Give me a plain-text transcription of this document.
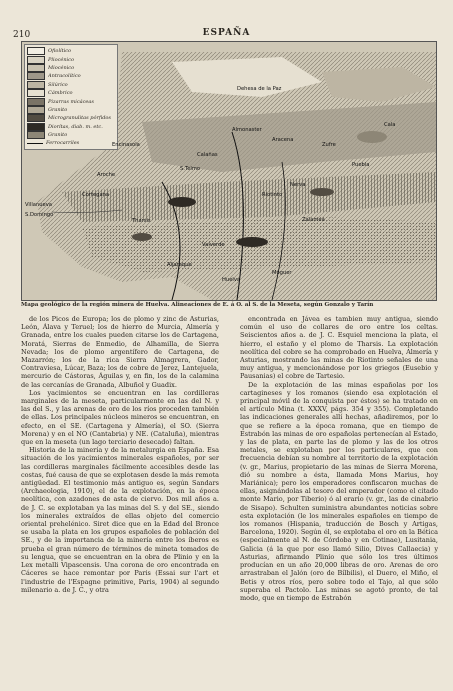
210	ESPAÑA
Ofiolítico
Pliocénico
Miocénico
Antracolítico
Silúrico
Cámbrico
Pizarras micáceas
Granito
Microgranulitas pórfidos
Diorítas, diab. m. etc.
Granito
Ferrocarriles
Tharsis
Calañas
S.Telmo
Puebla
Zufre
Cala
Aracena
Almonaster
Dehesa de la Paz
Huelva
Moguer
S.Domingo
Villanueva
Riotinto
Nerva
Zalamea
Valverde
Aljaraque
Cortegana
Aroche
Encinasola
Mapa geológico de la región minera de Huelva. Alineaciones de E. á O. al S. de la Meseta, según Gonzalo y Tarín

de los Picos de Europa; los de plomo y zinc de Asturias, León, Álava y Teruel; los de hierro de Murcia, Almería y Granada, entre los cuales pueden citarse los de Cartagena, Moratá, Sierras de Enmedio, de Alhamilla, de Sierra Nevada; los de plomo argentífero de Cartagena, de Mazarrón; los de la rica Sierra Almagrera, Gador, Contraviesa, Lúcar, Baza; los de cobre de Jerez, Lantejuela, mercurio de Cástoras, Águilas y, en fin, los de la calamina de las cercanías de Granada, Albuñol y Guadix.

Los yacimientos se encuentran en las cordilleras marginales de la meseta, particularmente en las del N. y las del S., y las arenas de oro de los ríos proceden también de ellas. Los principales núcleos mineros se encuentran, en efecto, en el SE. (Cartagena y Almería), el SO. (Sierra Morena) y en el NO (Cantabria) y NE. (Cataluña), mientras que en la meseta (un lago terciario desecado) faltan.

Historia de la minería y de la metalurgia en España. Esa situación de los yacimientos minerales españoles, por ser las cordilleras marginales fácilmente accesibles desde las costas, fué causa de que se explotasen desde la más remota antigüedad. El testimonio más antiguo es, según Sandars (Archaeologia, 1910), el de la explotación, en la época neolítica, con azadones de asta de ciervo. Dos mil años a. de J. C. se explotaban ya las minas del S. y del SE., siendo los minerales extraídos de ellas objeto del comercio oriental prehelénico. Siret dice que en la Edad del Bronce se usaba la plata en los grupos españoles de población del SE., y de la importancia de la minería entre los íberos es prueba el gran número de términos de mineta tomados de su lengua, que se encuentran en la obra de Plinio y en la Lex metalli Vipascensis. Una corona de oro encontrada en Cáceres se hace remontar por Paris (Essai sur l'art et l'industrie de l'Espagne primitive, Paris, 1904) al segundo milenario a. de J. C., y otra

encontrada en Jávea es tambien muy antigua, siendo común el uso de collares de oro entre los celtas. Seiscientos años a. de J. C. Esquiel menciona la plata, el hierro, el estaño y el plomo de Tharsis. La explotación neolítica del cobre se ha comprobado en Huelva, Almería y Asturias, mostrando las minas de Riotinto señales de una muy antigua, y mencionándose por los griegos (Eusebio y Pausanias) el cobre de Tartesio.

De la explotación de las minas españolas por los cartagineses y los romanos (siendo esa explotación el principal móvil de la conquista por éstos) se ha tratado en el artículo Mina (t. XXXV, págs. 354 y 355). Completando las indicaciones generales allí hechas, añadiremos, por lo que se refiere a la época romana, que en tiempo de Estrabón las minas de oro españolas pertenecían al Estado, y las de plata, en parte las de plomo y las de los otros metales, se explotaban por los particulares, que con frecuencia debían su nombre al territorio de la explotación (v. gr., Marius, propietario de las minas de Sierra Morena, dió su nombre a ésta, llamada Mons Marius, hoy Mariánica); pero los emperadores confiscaron muchas de ellas, asignándolas al tesoro del emperador (como el citado monte Mario, por Tiberio) ó al erario (v. gr., las de cinabrio de Sisapo). Schulten suministra abundantes noticias sobre esta explotación (le los minerales españoles en tiempo de los romanos (Hispania, traducción de Bosch y Artigas, Barcelona, 1920). Según él, se explotaba el oro en la Bética (especialmente al N. de Córdoba y en Cotinae), Lusitania, Galicia (á la que por eso llamó Silio, Dives Callaecia) y Asturias, afirmando Plinio que sólo los tres últimos producían en un año 20,000 libras de oro. Arenas de oro arrastraban el Jalón (oro de Bílbilis), el Duero, el Miño, el Betis y otros ríos, pero sobre todo el Tajo, al que sólo superaba el Pactolo. Las minas se agotó pronto, de tal modo, que en tiempo de Estrabón
